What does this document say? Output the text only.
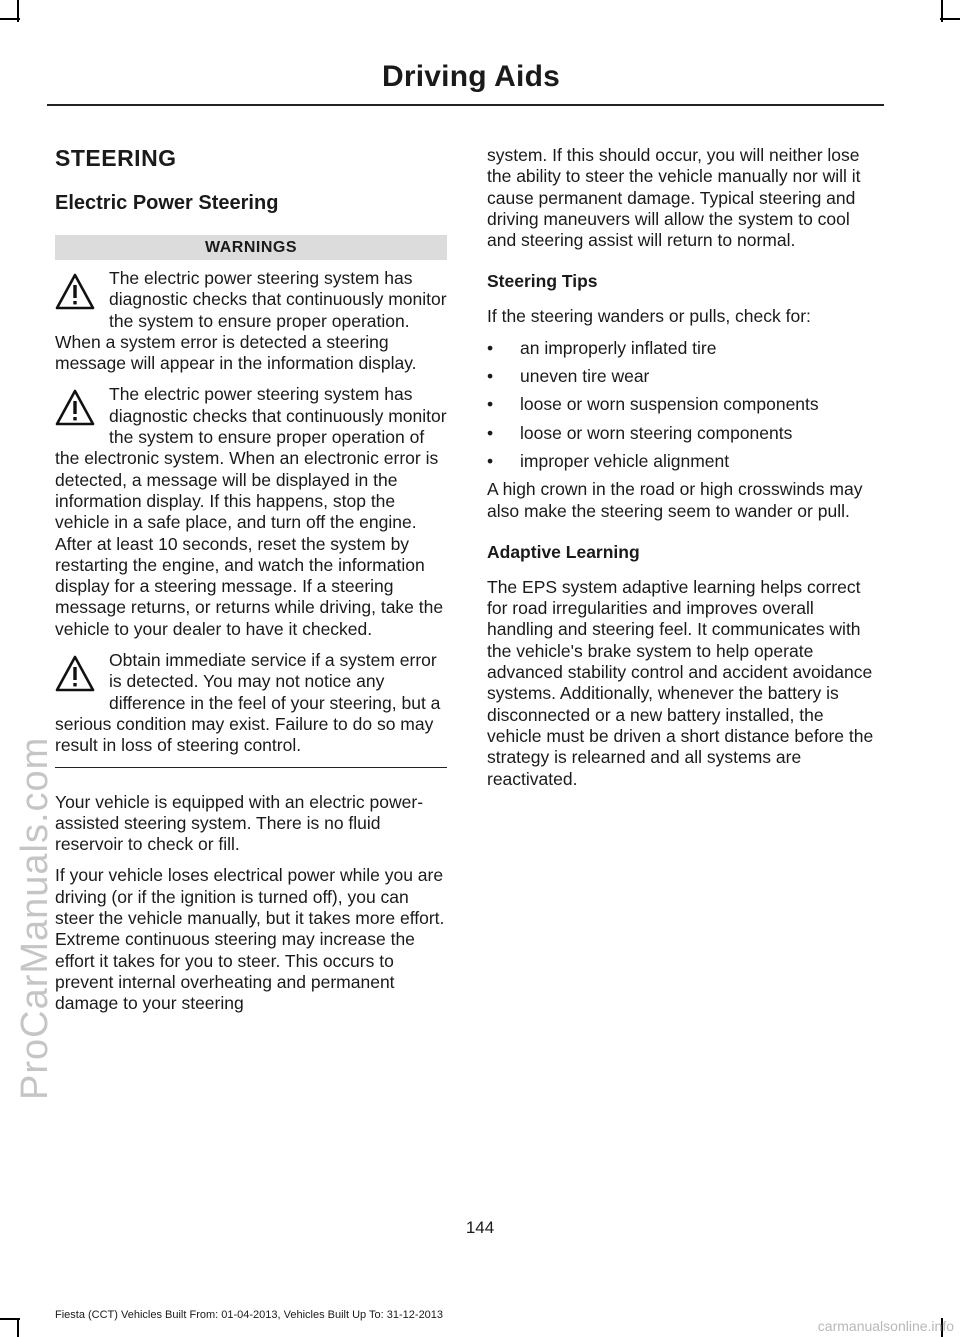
Driving Aids
STEERING
Electric Power Steering
WARNINGS

The electric power steering system has diagnostic checks that continuously monitor the system to ensure proper operation. When a system error is detected a steering message will appear in the information display.

The electric power steering system has diagnostic checks that continuously monitor the system to ensure proper operation of the electronic system. When an electronic error is detected, a message will be displayed in the information display. If this happens, stop the vehicle in a safe place, and turn off the engine. After at least 10 seconds, reset the system by restarting the engine, and watch the information display for a steering message. If a steering message returns, or returns while driving, take the vehicle to your dealer to have it checked.

Obtain immediate service if a system error is detected. You may not notice any difference in the feel of your steering, but a serious condition may exist. Failure to do so may result in loss of steering control.

Your vehicle is equipped with an electric power-assisted steering system. There is no fluid reservoir to check or fill.

If your vehicle loses electrical power while you are driving (or if the ignition is turned off), you can steer the vehicle manually, but it takes more effort. Extreme continuous steering may increase the effort it takes for you to steer. This occurs to prevent internal overheating and permanent damage to your steering

system. If this should occur, you will neither lose the ability to steer the vehicle manually nor will it cause permanent damage. Typical steering and driving maneuvers will allow the system to cool and steering assist will return to normal.

Steering Tips

If the steering wanders or pulls, check for:

• an improperly inflated tire
• uneven tire wear
• loose or worn suspension components
• loose or worn steering components
• improper vehicle alignment

A high crown in the road or high crosswinds may also make the steering seem to wander or pull.

Adaptive Learning

The EPS system adaptive learning helps correct for road irregularities and improves overall handling and steering feel. It communicates with the vehicle's brake system to help operate advanced stability control and accident avoidance systems. Additionally, whenever the battery is disconnected or a new battery installed, the vehicle must be driven a short distance before the strategy is relearned and all systems are reactivated.

144
Fiesta (CCT) Vehicles Built From: 01-04-2013, Vehicles Built Up To: 31-12-2013
ProCarManuals.com
carmanualsonline.info
